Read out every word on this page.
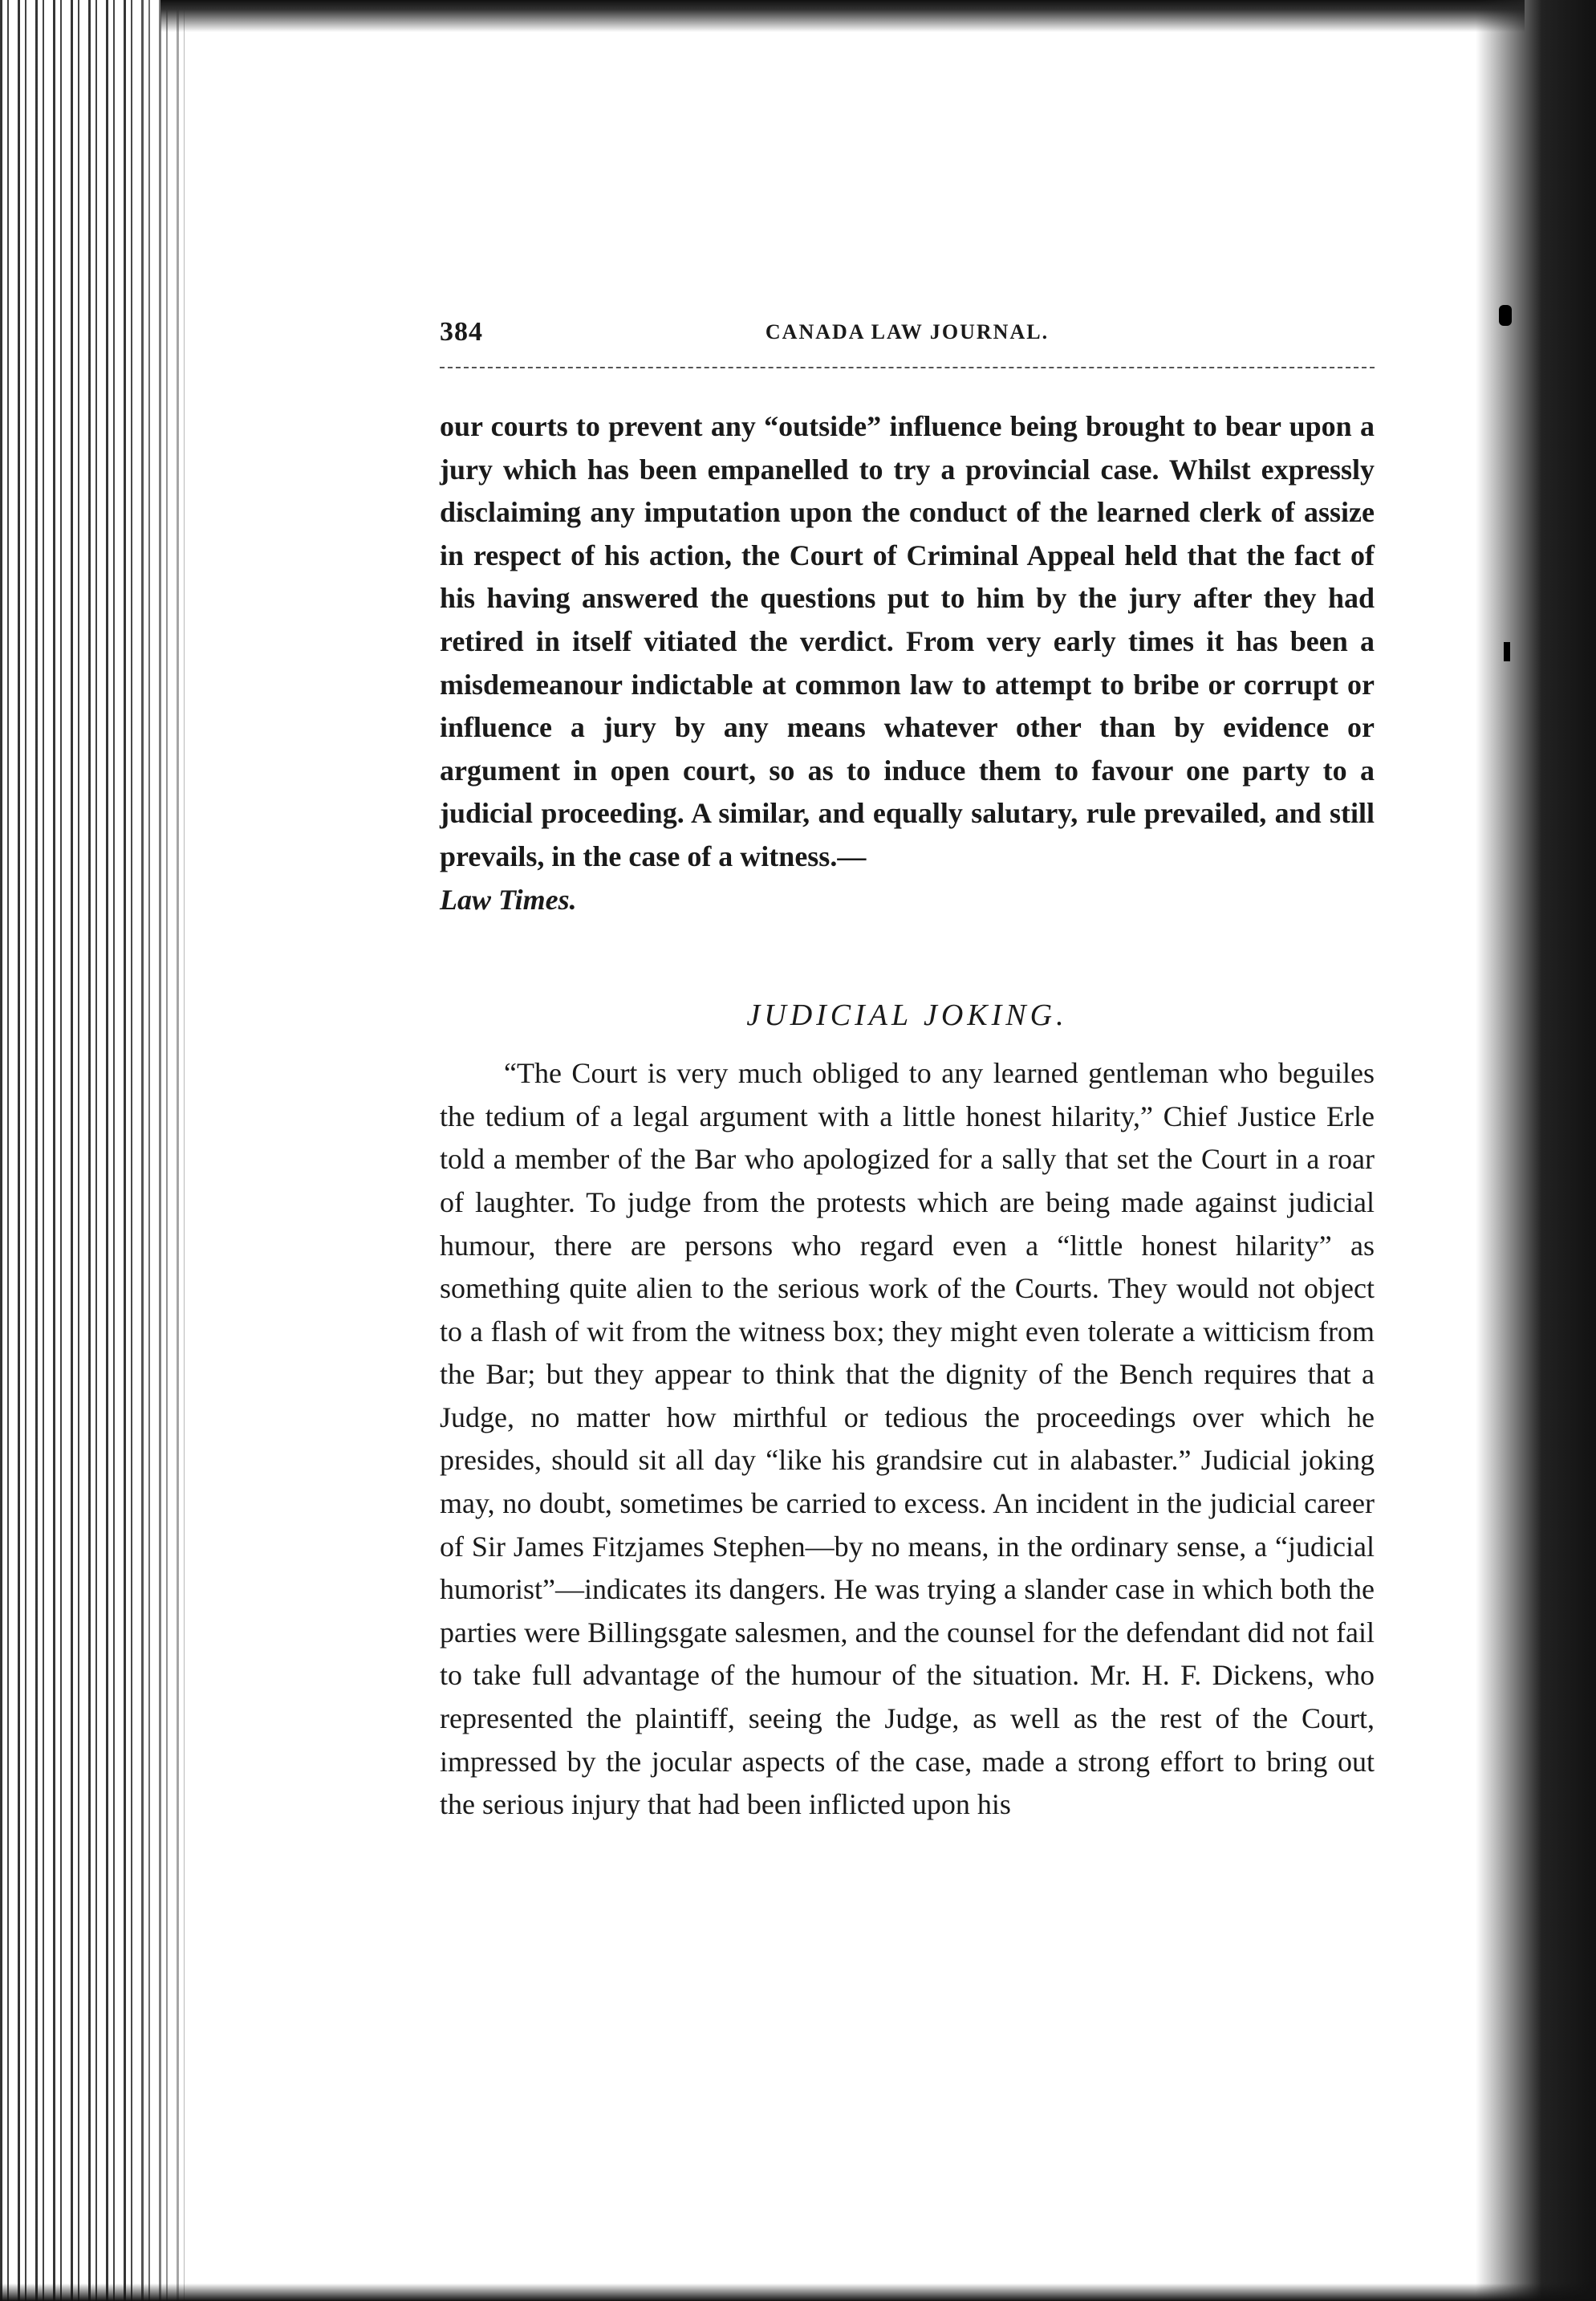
384	CANADA LAW JOURNAL.

our courts to prevent any “outside” influence being brought to bear upon a jury which has been empanelled to try a provincial case. Whilst expressly disclaiming any imputation upon the conduct of the learned clerk of assize in respect of his action, the Court of Criminal Appeal held that the fact of his having answered the questions put to him by the jury after they had retired in itself vitiated the verdict. From very early times it has been a misdemeanour indictable at common law to attempt to bribe or corrupt or influence a jury by any means whatever other than by evidence or argument in open court, so as to induce them to favour one party to a judicial proceeding. A similar, and equally salutary, rule prevailed, and still prevails, in the case of a witness.—
Law Times.

JUDICIAL JOKING.

“The Court is very much obliged to any learned gentleman who beguiles the tedium of a legal argument with a little honest hilarity,” Chief Justice Erle told a member of the Bar who apologized for a sally that set the Court in a roar of laughter. To judge from the protests which are being made against judicial humour, there are persons who regard even a “little honest hilarity” as something quite alien to the serious work of the Courts. They would not object to a flash of wit from the witness box; they might even tolerate a witticism from the Bar; but they appear to think that the dignity of the Bench requires that a Judge, no matter how mirthful or tedious the proceedings over which he presides, should sit all day “like his grandsire cut in alabaster.” Judicial joking may, no doubt, sometimes be carried to excess. An incident in the judicial career of Sir James Fitzjames Stephen—by no means, in the ordinary sense, a “judicial humorist”—indicates its dangers. He was trying a slander case in which both the parties were Billingsgate salesmen, and the counsel for the defendant did not fail to take full advantage of the humour of the situation. Mr. H. F. Dickens, who represented the plaintiff, seeing the Judge, as well as the rest of the Court, impressed by the jocular aspects of the case, made a strong effort to bring out the serious injury that had been inflicted upon his
